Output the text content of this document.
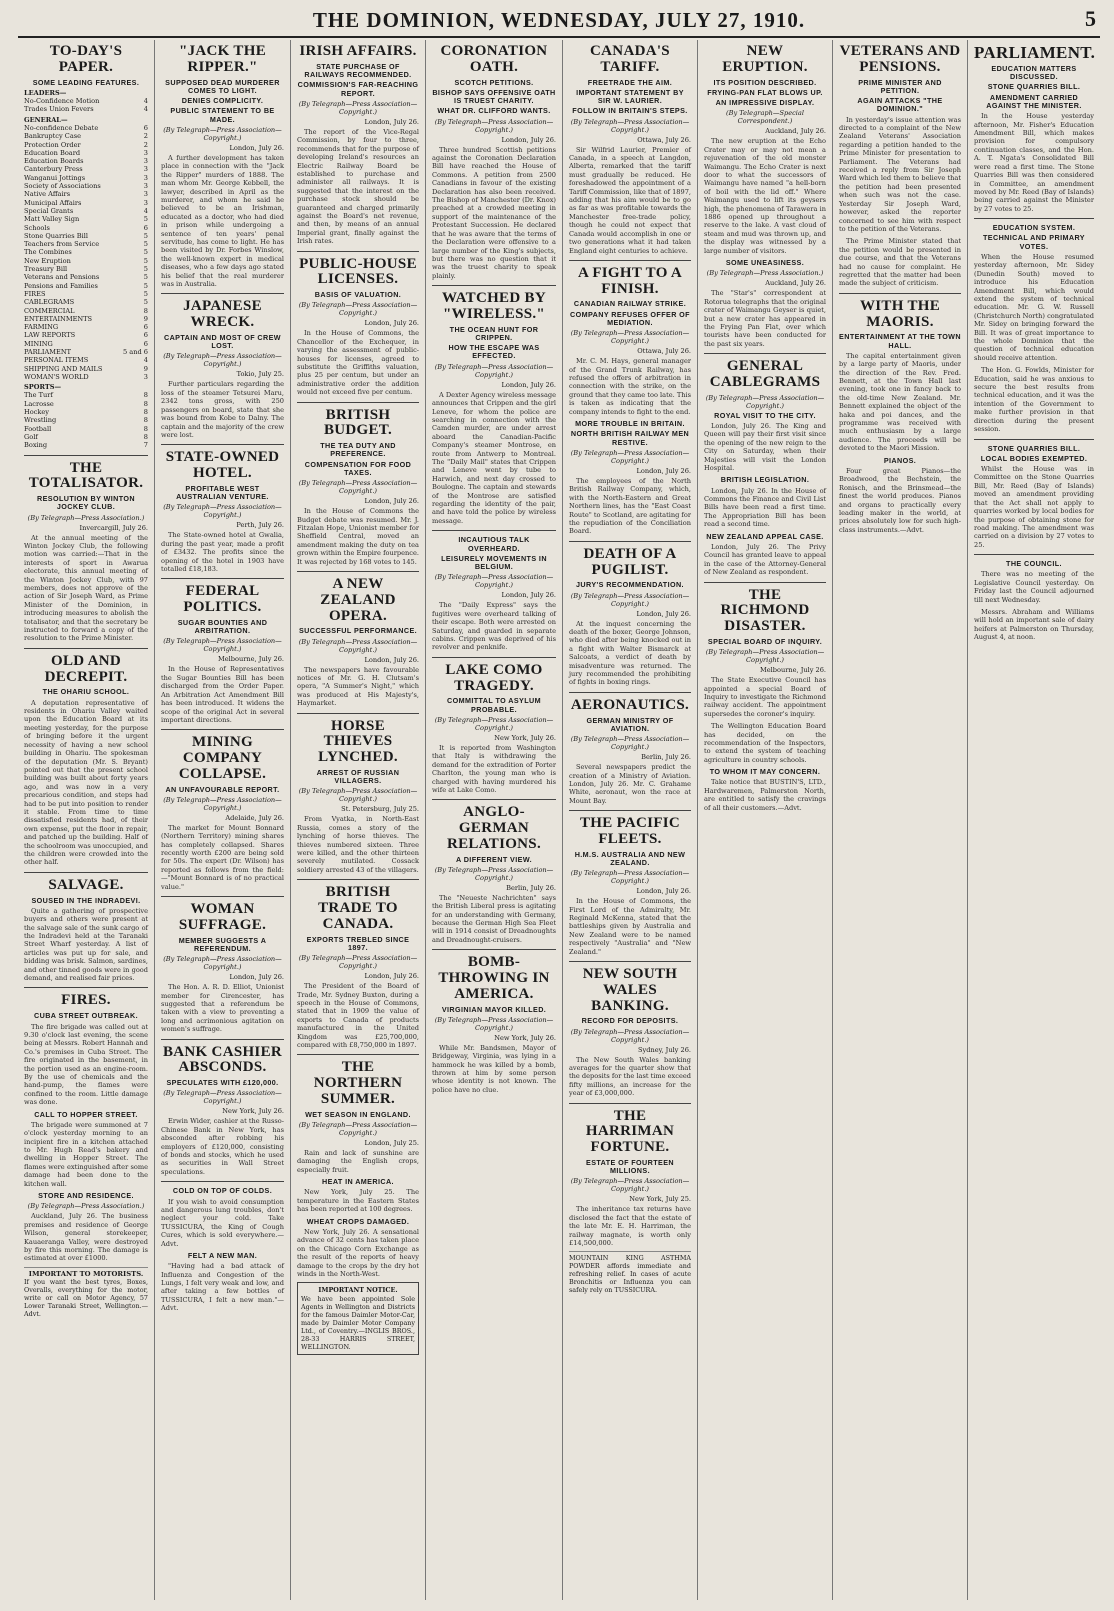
THE DOMINION, WEDNESDAY, JULY 27, 1910.	5
TO-DAY'S PAPER.
SOME LEADING FEATURES.
LEADERS—
No-Confidence Motion	4
Trades Union Fevers	4
GENERAL—
No-confidence Debate	6
Bankruptcy Case	2
Protection Order	2
Education Board	3
Education Boards	3
Canterbury Press	3
Wanganui Jottings	3
Society of Associations	3
Native Affairs	3
Municipal Affairs	3
Special Grants	4
Matt Valley Sign	5
Schools	6
Stone Quarries Bill	5
Teachers from Service	5
The Combines	5
New Eruption	5
Treasury Bill	5
Veterans and Pensions	5
Pensions and Families	5
FIRES	5
CABLEGRAMS	5
COMMERCIAL	8
ENTERTAINMENTS	9
FARMING	6
LAW REPORTS	6
MINING	6
PARLIAMENT	5 and 6
PERSONAL ITEMS	4
SHIPPING AND MAILS	9
WOMAN'S WORLD	3
SPORTS—
The Turf	8
Lacrosse	8
Hockey	8
Wrestling	8
Football	8
Golf	8
Boxing	7
THE TOTALISATOR.
RESOLUTION BY WINTON JOCKEY CLUB.
(By Telegraph—Press Association.)
Invercargill, July 26.
At the annual meeting of the Winton Jockey Club, the following motion was carried:—That in the interests of sport in Awarua electorate, this annual meeting of the Winton Jockey Club, with 97 members, does not approve of the action of Sir Joseph Ward, as Prime Minister of the Dominion, in introducing measures to abolish the totalisator, and that the secretary be instructed to forward a copy of the resolution to the Prime Minister.
OLD AND DECREPIT.
THE OHARIU SCHOOL.
A deputation representative of residents in Ohariu Valley waited upon the Education Board at its meeting yesterday, for the purpose of bringing before it the urgent necessity of having a new school building in Ohariu. The spokesman of the deputation (Mr. S. Bryant) pointed out that the present school building was built about forty years ago, and was now in a very precarious condition, and steps had had to be put into position to render it stable. From time to time dissatisfied residents had, of their own expense, put the floor in repair, and patched up the building. Half of the schoolroom was unoccupied, and the children were crowded into the other half.
SALVAGE.
SOUSED IN THE INDRADEVI.
Quite a gathering of prospective buyers and others were present at the salvage sale of the sunk cargo of the Indradevi held at the Taranaki Street Wharf yesterday. A list of articles was put up for sale, and bidding was brisk. Salmon, sardines, and other tinned goods were in good demand, and realised fair prices.
FIRES.
CUBA STREET OUTBREAK.
The fire brigade was called out at 9.30 o'clock last evening, the scene being at Messrs. Robert Hannah and Co.'s premises in Cuba Street. The fire originated in the basement, in the portion used as an engine-room. By the use of chemicals and the hand-pump, the flames were confined to the room. Little damage was done.
CALL TO HOPPER STREET.
The brigade were summoned at 7 o'clock yesterday morning to an incipient fire in a kitchen attached to Mr. Hugh Read's bakery and dwelling in Hopper Street. The flames were extinguished after some damage had been done to the kitchen wall.
STORE AND RESIDENCE.
(By Telegraph—Press Association.)
Auckland, July 26. The business premises and residence of George Wilson, general storekeeper, Kauaeranga Valley, were destroyed by fire this morning. The damage is estimated at over £1000.
IMPORTANT TO MOTORISTS.
If you want the best tyres, Boxes, Overalls, everything for the motor, write or call on Motor Agency, 57 Lower Taranaki Street, Wellington.—Advt.
"JACK THE RIPPER."
SUPPOSED DEAD MURDERER COMES TO LIGHT.
DENIES COMPLICITY.
PUBLIC STATEMENT TO BE MADE.
(By Telegraph—Press Association—Copyright.)
London, July 26.
A further development has taken place in connection with the "Jack the Ripper" murders of 1888. The man whom Mr. George Kebbell, the lawyer, described in April as the murderer, and whom he said he believed to be an Irishman, educated as a doctor, who had died in prison while undergoing a sentence of ten years' penal servitude, has come to light. He has been visited by Dr. Forbes Winslow, the well-known expert in medical diseases, who a few days ago stated his belief that the real murderer was in Australia.
JAPANESE WRECK.
CAPTAIN AND MOST OF CREW LOST.
(By Telegraph—Press Association—Copyright.)
Tokio, July 25.
Further particulars regarding the loss of the steamer Tetsurei Maru, 2342 tons gross, with 250 passengers on board, state that she was bound from Kobe to Dalny. The captain and the majority of the crew were lost.
STATE-OWNED HOTEL.
PROFITABLE WEST AUSTRALIAN VENTURE.
(By Telegraph—Press Association—Copyright.)
Perth, July 26.
The State-owned hotel at Gwalia, during the past year, made a profit of £3432. The profits since the opening of the hotel in 1903 have totalled £18,183.
FEDERAL POLITICS.
SUGAR BOUNTIES AND ARBITRATION.
(By Telegraph—Press Association—Copyright.)
Melbourne, July 26.
In the House of Representatives the Sugar Bounties Bill has been discharged from the Order Paper. An Arbitration Act Amendment Bill has been introduced. It widens the scope of the original Act in several important directions.
MINING COMPANY COLLAPSE.
AN UNFAVOURABLE REPORT.
(By Telegraph—Press Association—Copyright.)
Adelaide, July 26.
The market for Mount Bonnard (Northern Territory) mining shares has completely collapsed. Shares recently worth £200 are being sold for 50s. The expert (Dr. Wilson) has reported as follows from the field:—"Mount Bonnard is of no practical value."
WOMAN SUFFRAGE.
MEMBER SUGGESTS A REFERENDUM.
(By Telegraph—Press Association—Copyright.)
London, July 26.
The Hon. A. R. D. Elliot, Unionist member for Cirencester, has suggested that a referendum be taken with a view to preventing a long and acrimonious agitation on women's suffrage.
BANK CASHIER ABSCONDS.
SPECULATES WITH £120,000.
(By Telegraph—Press Association—Copyright.)
New York, July 26.
Erwin Wider, cashier at the Russo-Chinese Bank in New York, has absconded after robbing his employers of £120,000, consisting of bonds and stocks, which he used as securities in Wall Street speculations.
COLD ON TOP OF COLDS.
If you wish to avoid consumption and dangerous lung troubles, don't neglect your cold. Take TUSSICURA, the King of Cough Cures, which is sold everywhere.—Advt.
FELT A NEW MAN.
"Having had a bad attack of Influenza and Congestion of the Lungs, I felt very weak and low, and after taking a few bottles of TUSSICURA, I felt a new man."—Advt.
IRISH AFFAIRS.
STATE PURCHASE OF RAILWAYS RECOMMENDED.
COMMISSION'S FAR-REACHING REPORT.
(By Telegraph—Press Association—Copyright.)
London, July 26.
The report of the Vice-Regal Commission, by four to three, recommends that for the purpose of developing Ireland's resources an Electric Railway Board be established to purchase and administer all railways. It is suggested that the interest on the purchase stock should be guaranteed and charged primarily against the Board's net revenue, and then, by means of an annual Imperial grant, finally against the Irish rates.
PUBLIC-HOUSE LICENSES.
BASIS OF VALUATION.
(By Telegraph—Press Association—Copyright.)
London, July 26.
In the House of Commons, the Chancellor of the Exchequer, in varying the assessment of public-houses for licenses, agreed to substitute the Griffiths valuation, plus 25 per centum, but under an administrative order the addition would not exceed five per centum.
BRITISH BUDGET.
THE TEA DUTY AND PREFERENCE.
COMPENSATION FOR FOOD TAXES.
(By Telegraph—Press Association—Copyright.)
London, July 26.
In the House of Commons the Budget debate was resumed. Mr. J. Fitzalan Hope, Unionist member for Sheffield Central, moved an amendment making the duty on tea grown within the Empire fourpence. It was rejected by 168 votes to 145.
A NEW ZEALAND OPERA.
SUCCESSFUL PERFORMANCE.
(By Telegraph—Press Association—Copyright.)
London, July 26.
The newspapers have favourable notices of Mr. G. H. Clutsam's opera, "A Summer's Night," which was produced at His Majesty's, Haymarket.
HORSE THIEVES LYNCHED.
ARREST OF RUSSIAN VILLAGERS.
(By Telegraph—Press Association—Copyright.)
St. Petersburg, July 25.
From Vyatka, in North-East Russia, comes a story of the lynching of horse thieves. The thieves numbered sixteen. Three were killed, and the other thirteen severely mutilated. Cossack soldiery arrested 43 of the villagers.
BRITISH TRADE TO CANADA.
EXPORTS TREBLED SINCE 1897.
(By Telegraph—Press Association—Copyright.)
London, July 26.
The President of the Board of Trade, Mr. Sydney Buxton, during a speech in the House of Commons, stated that in 1909 the value of exports to Canada of products manufactured in the United Kingdom was £25,700,000, compared with £8,750,000 in 1897.
THE NORTHERN SUMMER.
WET SEASON IN ENGLAND.
(By Telegraph—Press Association—Copyright.)
London, July 25.
Rain and lack of sunshine are damaging the English crops, especially fruit.
HEAT IN AMERICA.
New York, July 25. The temperature in the Eastern States has been reported at 100 degrees.
WHEAT CROPS DAMAGED.
New York, July 26. A sensational advance of 32 cents has taken place on the Chicago Corn Exchange as the result of the reports of heavy damage to the crops by the dry hot winds in the North-West.
IMPORTANT NOTICE.
We have been appointed Sole Agents in Wellington and Districts for the famous Daimler Motor-Car, made by Daimler Motor Company Ltd., of Coventry.—INGLIS BROS., 28-33 HARRIS STREET, WELLINGTON.
CORONATION OATH.
SCOTCH PETITIONS.
BISHOP SAYS OFFENSIVE OATH IS TRUEST CHARITY.
WHAT DR. CLIFFORD WANTS.
(By Telegraph—Press Association—Copyright.)
London, July 26.
Three hundred Scottish petitions against the Coronation Declaration Bill have reached the House of Commons. A petition from 2500 Canadians in favour of the existing Declaration has also been received. The Bishop of Manchester (Dr. Knox) preached at a crowded meeting in support of the maintenance of the Protestant Succession. He declared that he was aware that the terms of the Declaration were offensive to a large number of the King's subjects, but there was no question that it was the truest charity to speak plainly.
WATCHED BY "WIRELESS."
THE OCEAN HUNT FOR CRIPPEN.
HOW THE ESCAPE WAS EFFECTED.
(By Telegraph—Press Association—Copyright.)
London, July 26.
A Dexter Agency wireless message announces that Crippen and the girl Leneve, for whom the police are searching in connection with the Camden murder, are under arrest aboard the Canadian-Pacific Company's steamer Montrose, en route from Antwerp to Montreal. The "Daily Mail" states that Crippen and Leneve went by tube to Harwich, and next day crossed to Boulogne. The captain and stewards of the Montrose are satisfied regarding the identity of the pair, and have told the police by wireless message.
INCAUTIOUS TALK OVERHEARD.
LEISURELY MOVEMENTS IN BELGIUM.
(By Telegraph—Press Association—Copyright.)
London, July 26.
The "Daily Express" says the fugitives were overheard talking of their escape. Both were arrested on Saturday, and guarded in separate cabins. Crippen was deprived of his revolver and penknife.
LAKE COMO TRAGEDY.
COMMITTAL TO ASYLUM PROBABLE.
(By Telegraph—Press Association—Copyright.)
New York, July 26.
It is reported from Washington that Italy is withdrawing the demand for the extradition of Porter Charlton, the young man who is charged with having murdered his wife at Lake Como.
ANGLO-GERMAN RELATIONS.
A DIFFERENT VIEW.
(By Telegraph—Press Association—Copyright.)
Berlin, July 26.
The "Neueste Nachrichten" says the British Liberal press is agitating for an understanding with Germany, because the German High Sea Fleet will in 1914 consist of Dreadnoughts and Dreadnought-cruisers.
BOMB-THROWING IN AMERICA.
VIRGINIAN MAYOR KILLED.
(By Telegraph—Press Association—Copyright.)
New York, July 26.
While Mr. Bandsmen, Mayor of Bridgeway, Virginia, was lying in a hammock he was killed by a bomb, thrown at him by some person whose identity is not known. The police have no clue.
CANADA'S TARIFF.
FREETRADE THE AIM.
IMPORTANT STATEMENT BY SIR W. LAURIER.
FOLLOW IN BRITAIN'S STEPS.
(By Telegraph—Press Association—Copyright.)
Ottawa, July 26.
Sir Wilfrid Laurier, Premier of Canada, in a speech at Langdon, Alberta, remarked that the tariff must gradually be reduced. He foreshadowed the appointment of a Tariff Commission, like that of 1897, adding that his aim would be to go as far as was profitable towards the Manchester free-trade policy, though he could not expect that Canada would accomplish in one or two generations what it had taken England eight centuries to achieve.
A FIGHT TO A FINISH.
CANADIAN RAILWAY STRIKE.
COMPANY REFUSES OFFER OF MEDIATION.
(By Telegraph—Press Association—Copyright.)
Ottawa, July 26.
Mr. C. M. Hays, general manager of the Grand Trunk Railway, has refused the offers of arbitration in connection with the strike, on the ground that they came too late. This is taken as indicating that the company intends to fight to the end.
MORE TROUBLE IN BRITAIN.
NORTH BRITISH RAILWAY MEN RESTIVE.
(By Telegraph—Press Association—Copyright.)
London, July 26.
The employees of the North British Railway Company, which, with the North-Eastern and Great Northern lines, has the "East Coast Route" to Scotland, are agitating for the repudiation of the Conciliation Board.
DEATH OF A PUGILIST.
JURY'S RECOMMENDATION.
(By Telegraph—Press Association—Copyright.)
London, July 26.
At the inquest concerning the death of the boxer, George Johnson, who died after being knocked out in a fight with Walter Bismarck at Salcoats, a verdict of death by misadventure was returned. The jury recommended the prohibiting of fights in boxing rings.
AERONAUTICS.
GERMAN MINISTRY OF AVIATION.
(By Telegraph—Press Association—Copyright.)
Berlin, July 26.
Several newspapers predict the creation of a Ministry of Aviation. London, July 26. Mr. C. Grahame White, aeronaut, won the race at Mount Bay.
THE PACIFIC FLEETS.
H.M.S. AUSTRALIA AND NEW ZEALAND.
(By Telegraph—Press Association—Copyright.)
London, July 26.
In the House of Commons, the First Lord of the Admiralty, Mr. Reginald McKenna, stated that the battleships given by Australia and New Zealand were to be named respectively "Australia" and "New Zealand."
NEW SOUTH WALES BANKING.
RECORD FOR DEPOSITS.
(By Telegraph—Press Association—Copyright.)
Sydney, July 26.
The New South Wales banking averages for the quarter show that the deposits for the last time exceed fifty millions, an increase for the year of £3,000,000.
THE HARRIMAN FORTUNE.
ESTATE OF FOURTEEN MILLIONS.
(By Telegraph—Press Association—Copyright.)
New York, July 25.
The inheritance tax returns have disclosed the fact that the estate of the late Mr. E. H. Harriman, the railway magnate, is worth only £14,500,000.
MOUNTAIN KING ASTHMA POWDER affords immediate and refreshing relief. In cases of acute Bronchitis or Influenza you can safely rely on TUSSICURA.
NEW ERUPTION.
ITS POSITION DESCRIBED.
FRYING-PAN FLAT BLOWS UP.
AN IMPRESSIVE DISPLAY.
(By Telegraph—Special Correspondent.)
Auckland, July 26.
The new eruption at the Echo Crater may or may not mean a rejuvenation of the old monster Waimangu. The Echo Crater is next door to what the successors of Waimangu have named "a hell-born of boil with the lid off." Where Waimangu used to lift its geysers high, the phenomena of Tarawera in 1886 opened up throughout a reserve to the lake. A vast cloud of steam and mud was thrown up, and the display was witnessed by a large number of visitors.
SOME UNEASINESS.
(By Telegraph—Press Association.)
Auckland, July 26.
The "Star's" correspondent at Rotorua telegraphs that the original crater of Waimangu Geyser is quiet, but a new crater has appeared in the Frying Pan Flat, over which tourists have been conducted for the past six years.
GENERAL CABLEGRAMS
(By Telegraph—Press Association—Copyright.)
ROYAL VISIT TO THE CITY.
London, July 26. The King and Queen will pay their first visit since the opening of the new reign to the City on Saturday, when their Majesties will visit the London Hospital.
BRITISH LEGISLATION.
London, July 26. In the House of Commons the Finance and Civil List Bills have been read a first time. The Appropriation Bill has been read a second time.
NEW ZEALAND APPEAL CASE.
London, July 26. The Privy Council has granted leave to appeal in the case of the Attorney-General of New Zealand as respondent.
THE RICHMOND DISASTER.
SPECIAL BOARD OF INQUIRY.
(By Telegraph—Press Association—Copyright.)
Melbourne, July 26.
The State Executive Council has appointed a special Board of Inquiry to investigate the Richmond railway accident. The appointment supersedes the coroner's inquiry.
The Wellington Education Board has decided, on the recommendation of the Inspectors, to extend the system of teaching agriculture in country schools.
TO WHOM IT MAY CONCERN.
Take notice that BUSTIN'S, LTD., Hardwaremen, Palmerston North, are entitled to satisfy the cravings of all their customers.—Advt.
VETERANS AND PENSIONS.
PRIME MINISTER AND PETITION.
AGAIN ATTACKS "THE DOMINION."
In yesterday's issue attention was directed to a complaint of the New Zealand Veterans' Association regarding a petition handed to the Prime Minister for presentation to Parliament. The Veterans had received a reply from Sir Joseph Ward which led them to believe that the petition had been presented when such was not the case. Yesterday Sir Joseph Ward, however, asked the reporter concerned to see him with respect to the petition of the Veterans.
The Prime Minister stated that the petition would be presented in due course, and that the Veterans had no cause for complaint. He regretted that the matter had been made the subject of criticism.
WITH THE MAORIS.
ENTERTAINMENT AT THE TOWN HALL.
The capital entertainment given by a large party of Maoris, under the direction of the Rev. Fred. Bennett, at the Town Hall last evening, took one in fancy back to the old-time New Zealand. Mr. Bennett explained the object of the haka and poi dances, and the programme was received with much enthusiasm by a large audience. The proceeds will be devoted to the Maori Mission.
PIANOS.
Four great Pianos—the Broadwood, the Bechstein, the Ronisch, and the Brinsmead—the finest the world produces. Pianos and organs to practically every leading maker in the world, at prices absolutely low for such high-class instruments.—Advt.
PARLIAMENT.
EDUCATION MATTERS DISCUSSED.
STONE QUARRIES BILL.
AMENDMENT CARRIED AGAINST THE MINISTER.
In the House yesterday afternoon, Mr. Fisher's Education Amendment Bill, which makes provision for compulsory continuation classes, and the Hon. A. T. Ngata's Consolidated Bill were read a first time. The Stone Quarries Bill was then considered in Committee, an amendment moved by Mr. Reed (Bay of Islands) being carried against the Minister by 27 votes to 25.
EDUCATION SYSTEM.
TECHNICAL AND PRIMARY VOTES.
When the House resumed yesterday afternoon, Mr. Sidey (Dunedin South) moved to introduce his Education Amendment Bill, which would extend the system of technical education. Mr. G. W. Russell (Christchurch North) congratulated Mr. Sidey on bringing forward the Bill. It was of great importance to the whole Dominion that the question of technical education should receive attention.
The Hon. G. Fowlds, Minister for Education, said he was anxious to secure the best results from technical education, and it was the intention of the Government to make further provision in that direction during the present session.
STONE QUARRIES BILL.
LOCAL BODIES EXEMPTED.
Whilst the House was in Committee on the Stone Quarries Bill, Mr. Reed (Bay of Islands) moved an amendment providing that the Act shall not apply to quarries worked by local bodies for the purpose of obtaining stone for road making. The amendment was carried on a division by 27 votes to 25.
THE COUNCIL.
There was no meeting of the Legislative Council yesterday. On Friday last the Council adjourned till next Wednesday.
Messrs. Abraham and Williams will hold an important sale of dairy heifers at Palmerston on Thursday, August 4, at noon.
